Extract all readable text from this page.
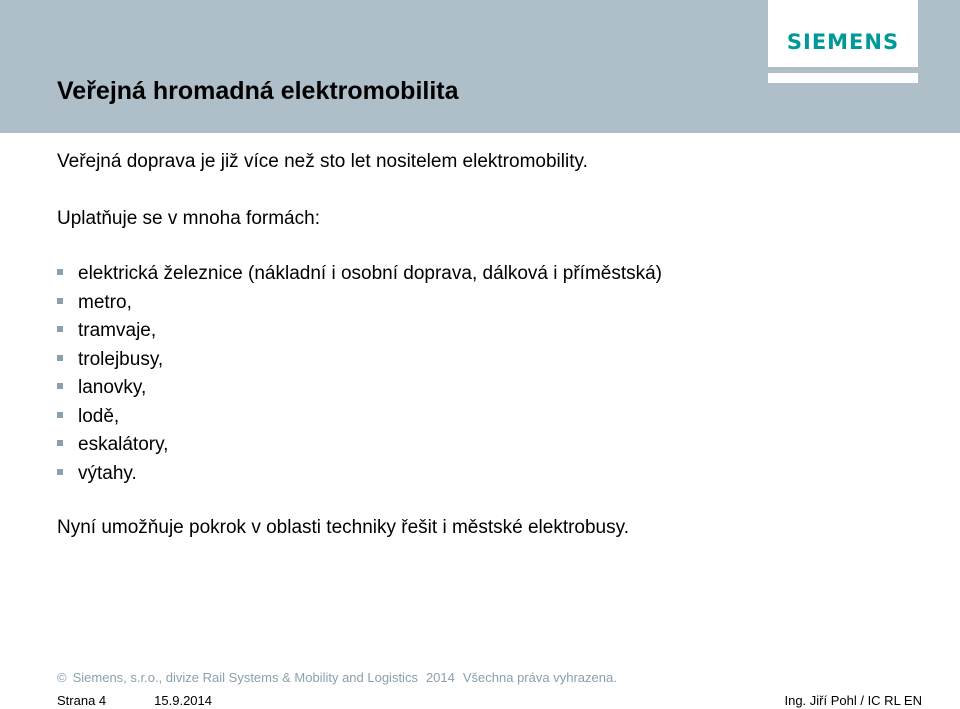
SIEMENS
Veřejná hromadná elektromobilita
Veřejná doprava je již více než sto let nositelem elektromobility.
Uplatňuje se v mnoha formách:
elektrická železnice (nákladní i osobní doprava, dálková i příměstská)
metro,
tramvaje,
trolejbusy,
lanovky,
lodě,
eskalátory,
výtahy.
Nyní umožňuje pokrok v oblasti techniky řešit i městské elektrobusy.
© Siemens, s.r.o., divize Rail Systems & Mobility and Logistics 2014 Všechna práva vyhrazena.
Strana 4	15.9.2014	Ing. Jiří Pohl / IC RL EN
